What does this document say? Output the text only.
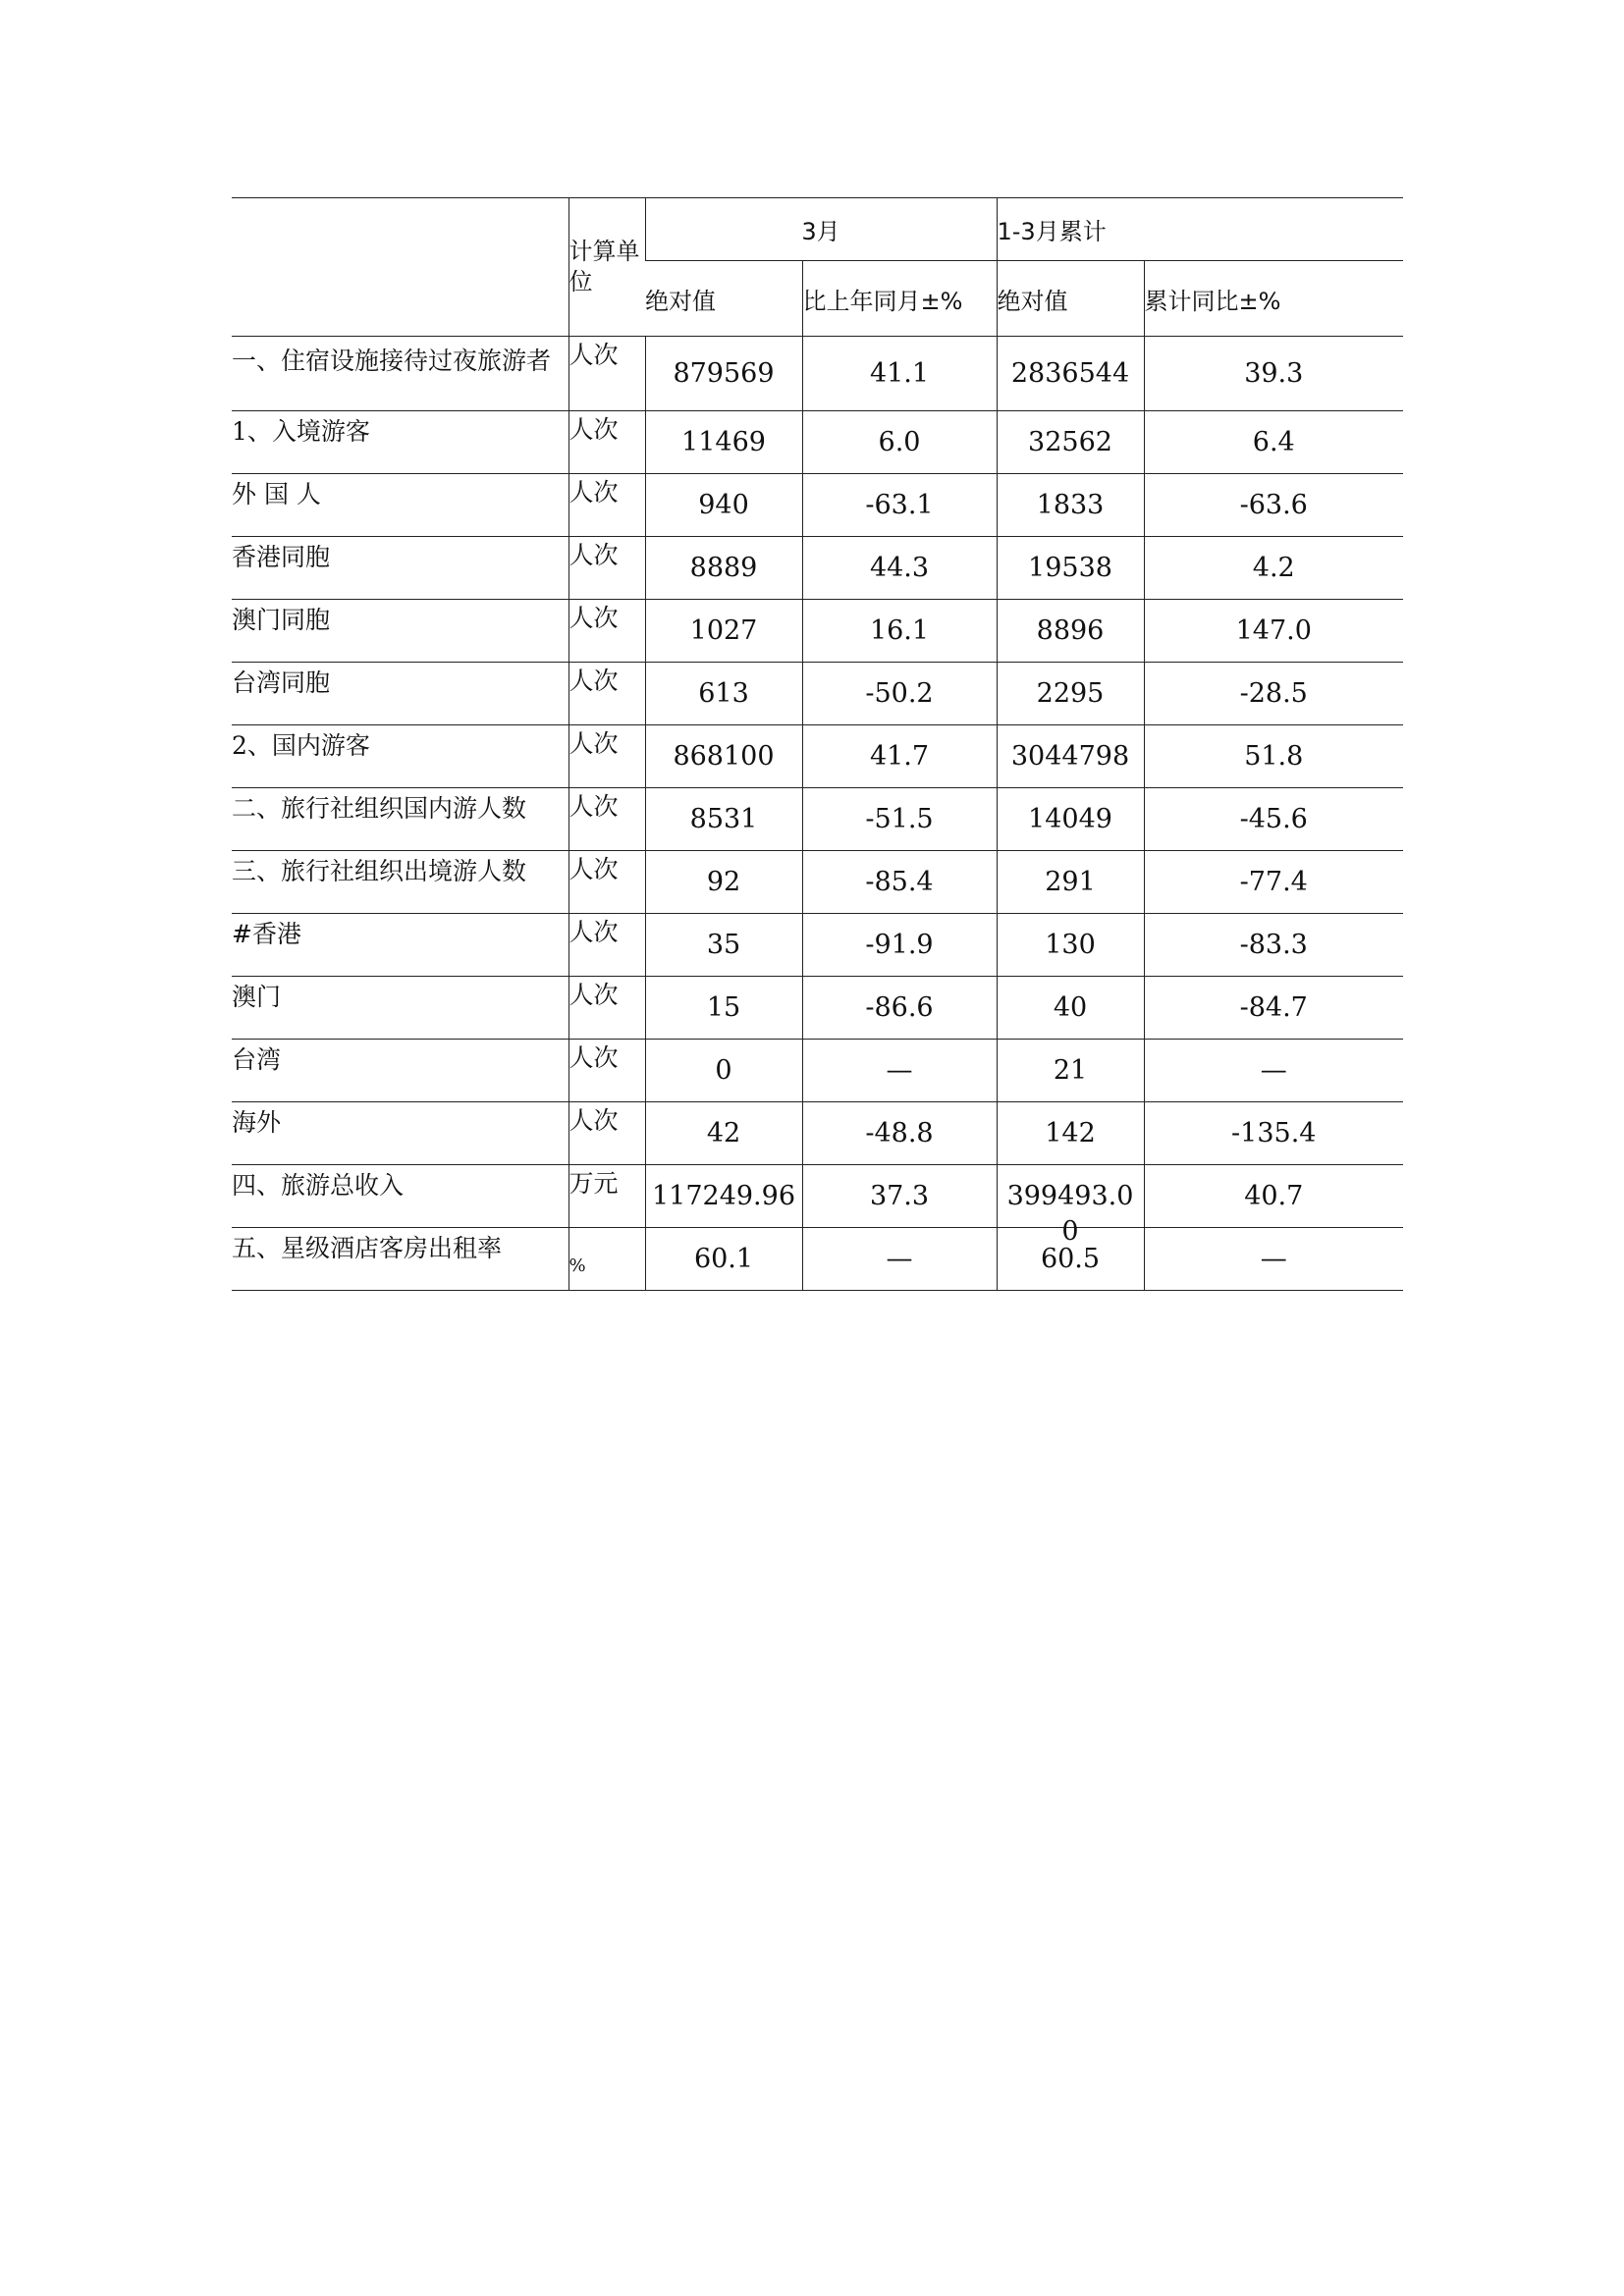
	计算单位	3月		1-3月累计	
		绝对值	比上年同月±%	绝对值	累计同比±%
一、住宿设施接待过夜旅游者	人次	879569	41.1	2836544	39.3
1、入境游客	人次	11469	6.0	32562	6.4
外 国 人	人次	940	-63.1	1833	-63.6
香港同胞	人次	8889	44.3	19538	4.2
澳门同胞	人次	1027	16.1	8896	147.0
台湾同胞	人次	613	-50.2	2295	-28.5
2、国内游客	人次	868100	41.7	3044798	51.8
二、旅行社组织国内游人数	人次	8531	-51.5	14049	-45.6
三、旅行社组织出境游人数	人次	92	-85.4	291	-77.4
#香港	人次	35	-91.9	130	-83.3
澳门	人次	15	-86.6	40	-84.7
台湾	人次	0	—	21	—
海外	人次	42	-48.8	142	-135.4
四、旅游总收入	万元	117249.96	37.3	399493.00	40.7
五、星级酒店客房出租率	%	60.1	—	60.5	—
